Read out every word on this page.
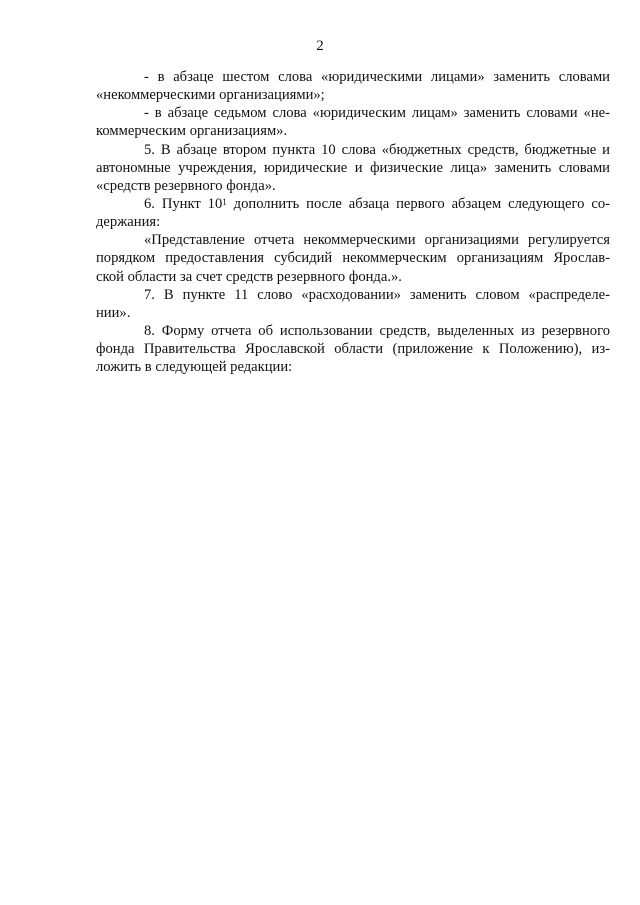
2
- в абзаце шестом слова «юридическими лицами» заменить словами
«некоммерческими организациями»;
- в абзаце седьмом слова «юридическим лицам» заменить словами «не-
коммерческим организациям».
5. В абзаце втором пункта 10 слова «бюджетных средств, бюджетные и
автономные учреждения, юридические и физические лица» заменить словами
«средств резервного фонда».
6. Пункт $10^1$ дополнить после абзаца первого абзацем следующего со-
держания:
«Представление отчета некоммерческими организациями регулируется
порядком предоставления субсидий некоммерческим организациям Ярослав-
ской области за счет средств резервного фонда.».
7. В пункте 11 слово «расходовании» заменить словом «распределе-
нии».
8. Форму отчета об использовании средств, выделенных из резервного
фонда Правительства Ярославской области (приложение к Положению), из-
ложить в следующей редакции:
